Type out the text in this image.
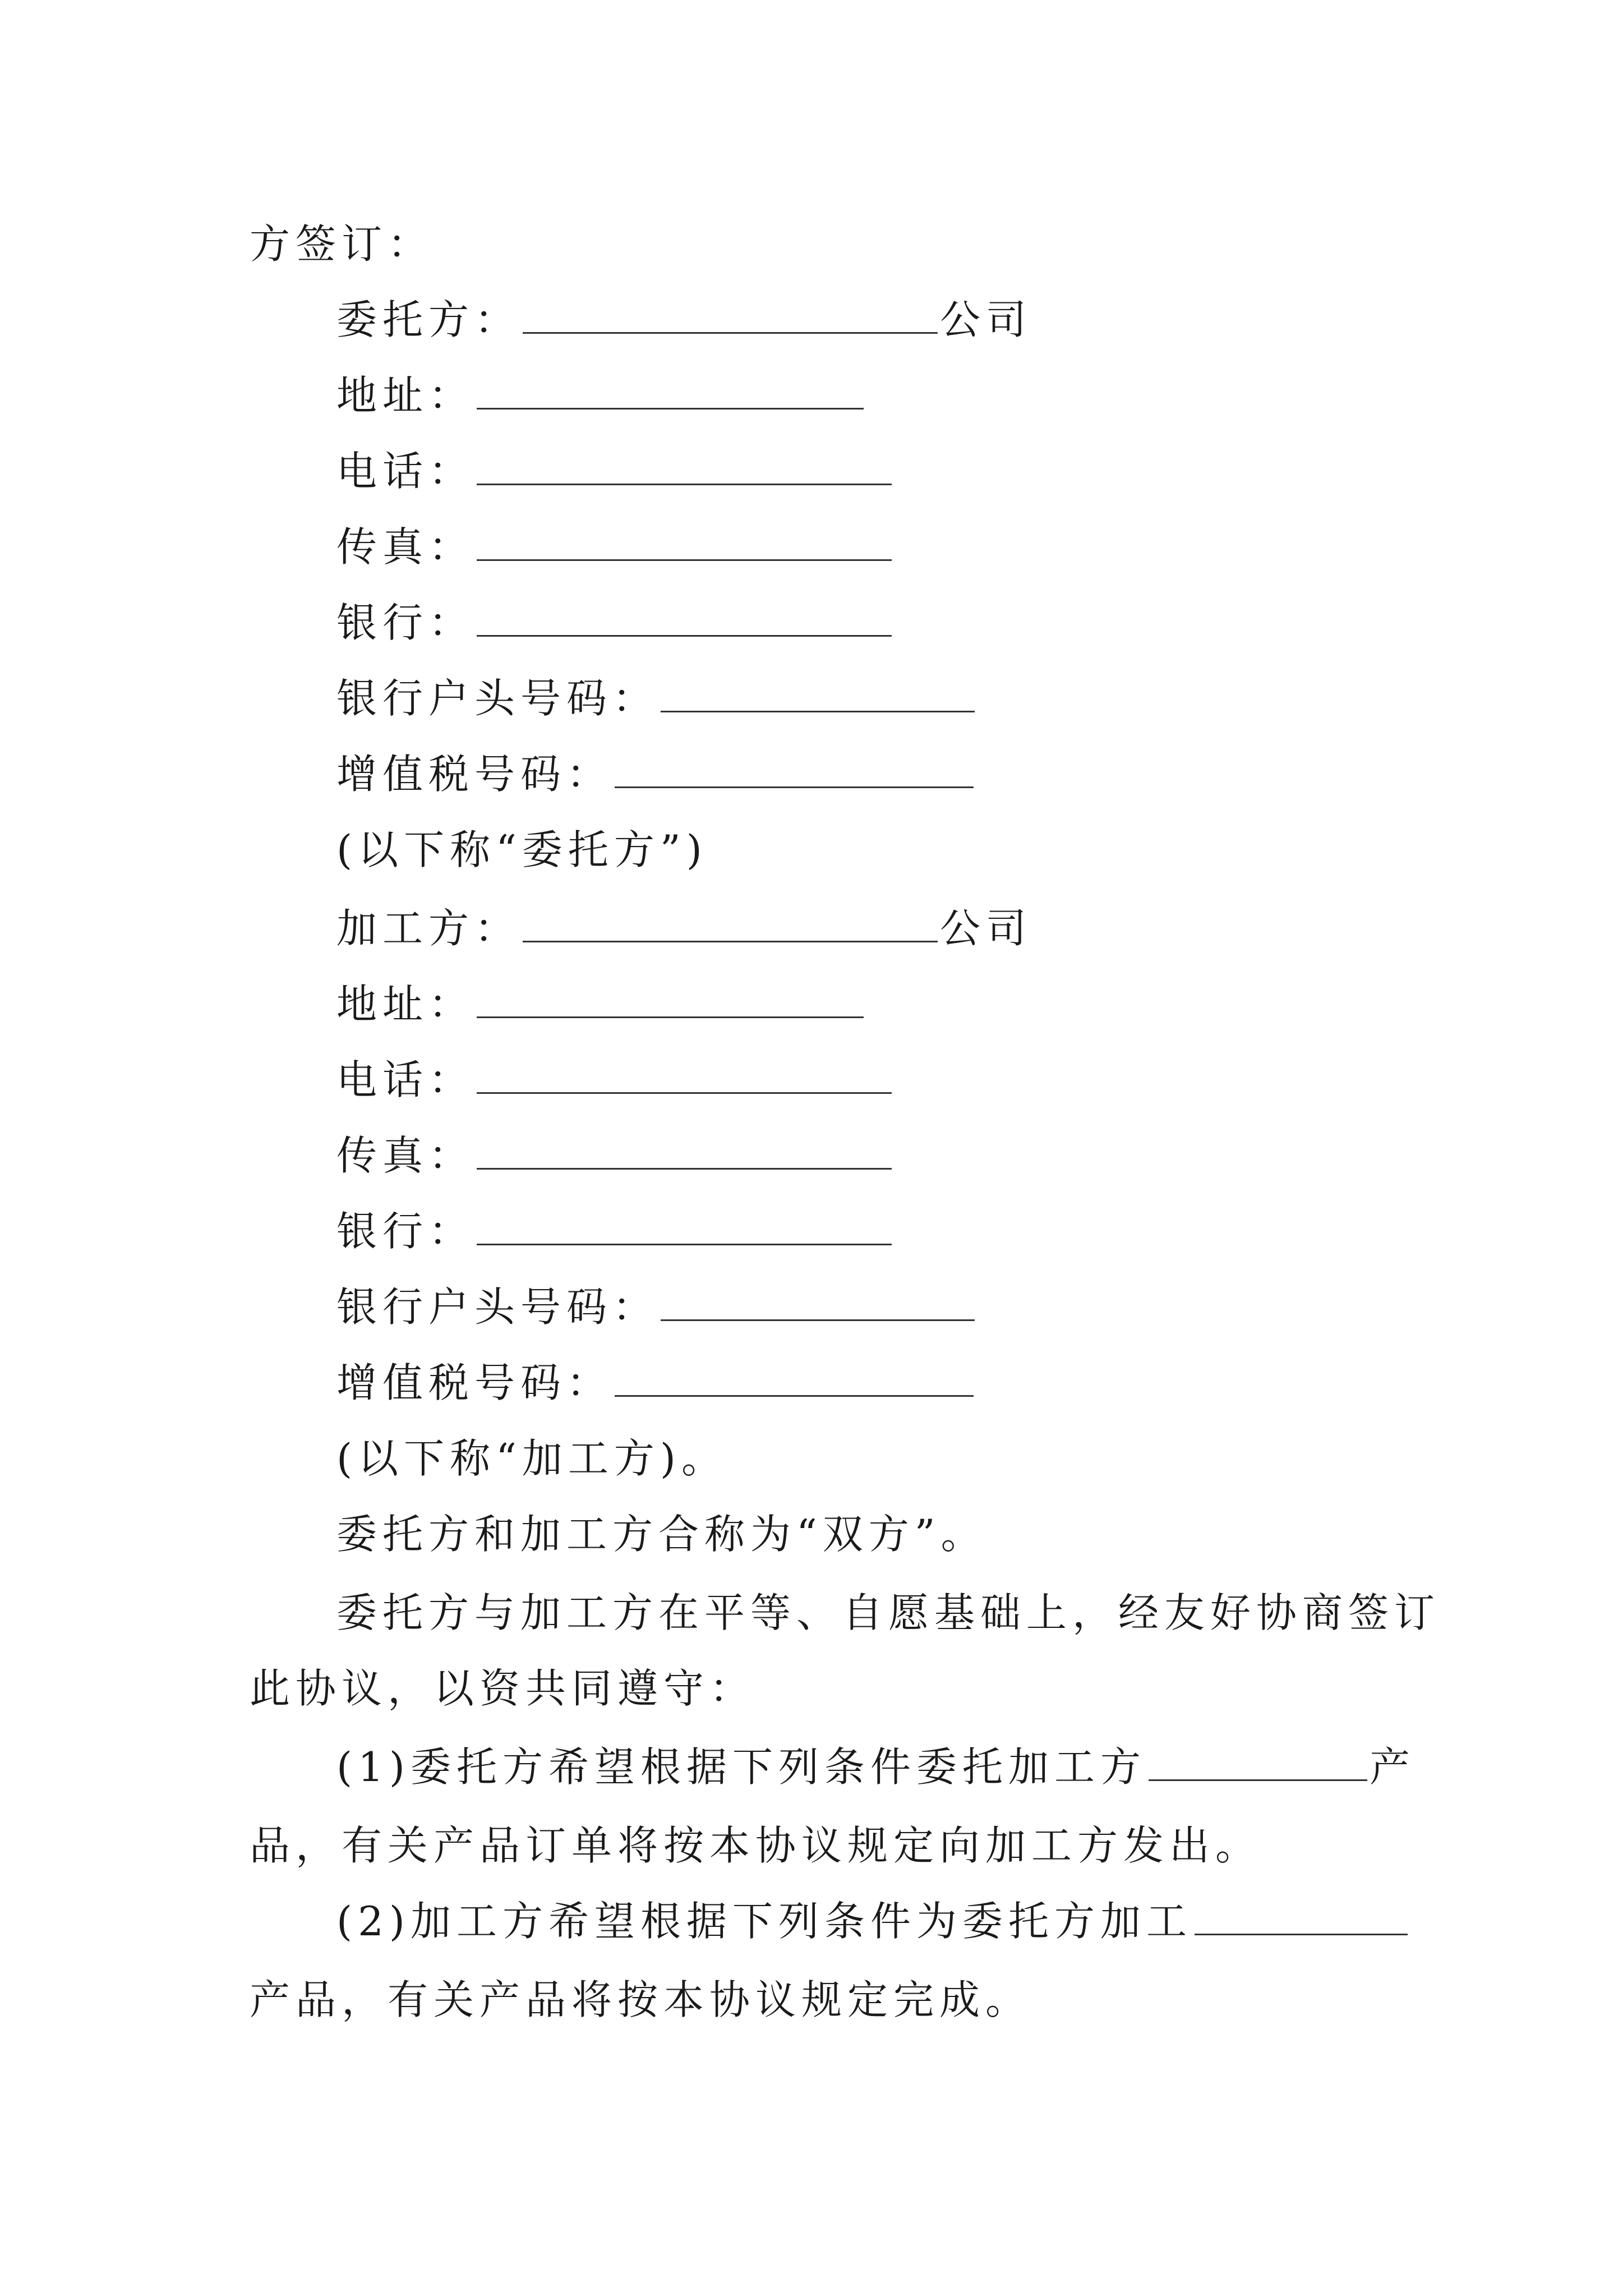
方签订：
委托方：	公司
地址：
电话：
传真：
银行：
银行户头号码：
增值税号码：
(以下称“委托方”)
加工方：	公司
地址：
电话：
传真：
银行：
银行户头号码：
增值税号码：
(以下称“加工方)。
委托方和加工方合称为“双方”。
委托方与加工方在平等、自愿基础上，经友好协商签订
此协议，以资共同遵守：
(1)委托方希望根据下列条件委托加工方	产
品，有关产品订单将按本协议规定向加工方发出。
(2)加工方希望根据下列条件为委托方加工
产品，有关产品将按本协议规定完成。
